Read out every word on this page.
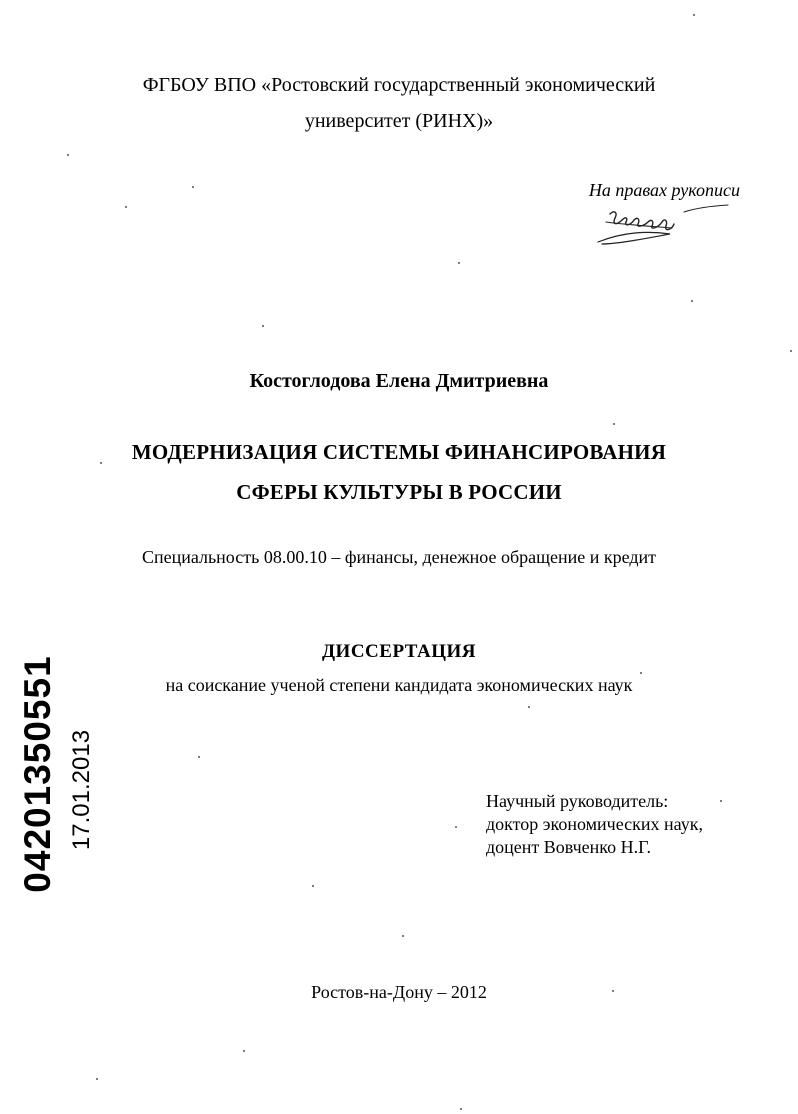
ФГБОУ ВПО «Ростовский государственный экономический
университет (РИНХ)»
На правах рукописи
Костоглодова Елена Дмитриевна
МОДЕРНИЗАЦИЯ СИСТЕМЫ ФИНАНСИРОВАНИЯ
СФЕРЫ КУЛЬТУРЫ В РОССИИ
Специальность 08.00.10 – финансы, денежное обращение и кредит
ДИССЕРТАЦИЯ
на соискание ученой степени кандидата экономических наук
Научный руководитель:
доктор экономических наук,
доцент Вовченко Н.Г.
Ростов-на-Дону – 2012
04201350551 17.01.2013
